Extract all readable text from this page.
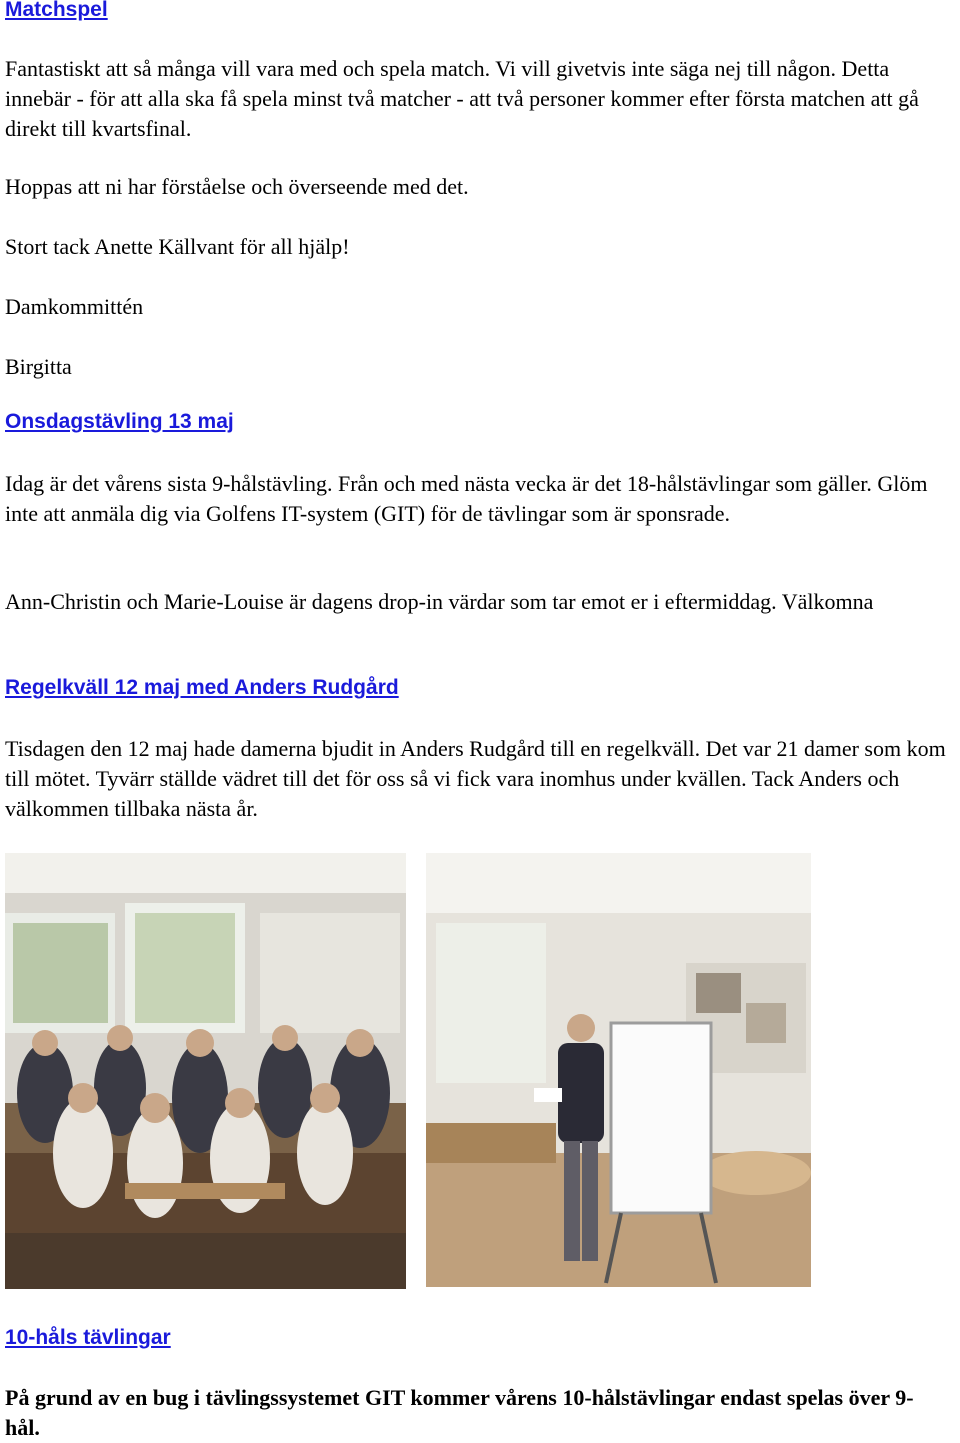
Matchspel

Fantastiskt att så många vill vara med och spela match. Vi vill givetvis inte säga nej till någon. Detta innebär - för att alla ska få spela minst två matcher - att två personer kommer efter första matchen att gå direkt till kvartsfinal.

Hoppas att ni har förståelse och överseende med det.

Stort tack Anette Källvant för all hjälp!

Damkommittén

Birgitta

Onsdagstävling 13 maj

Idag är det vårens sista 9-hålstävling. Från och med nästa vecka är det 18-hålstävlingar som gäller. Glöm inte att anmäla dig via Golfens IT-system (GIT) för de tävlingar som är sponsrade.

Ann-Christin och Marie-Louise är dagens drop-in värdar som tar emot er i eftermiddag. Välkomna

Regelkväll 12 maj med Anders Rudgård

Tisdagen den 12 maj hade damerna bjudit in Anders Rudgård till en regelkväll. Det var 21 damer som kom till mötet. Tyvärr ställde vädret till det för oss så vi fick vara inomhus under kvällen. Tack Anders och välkommen tillbaka nästa år.

10-håls tävlingar

På grund av en bug i tävlingssystemet GIT kommer vårens 10-hålstävlingar endast spelas över 9-hål.
